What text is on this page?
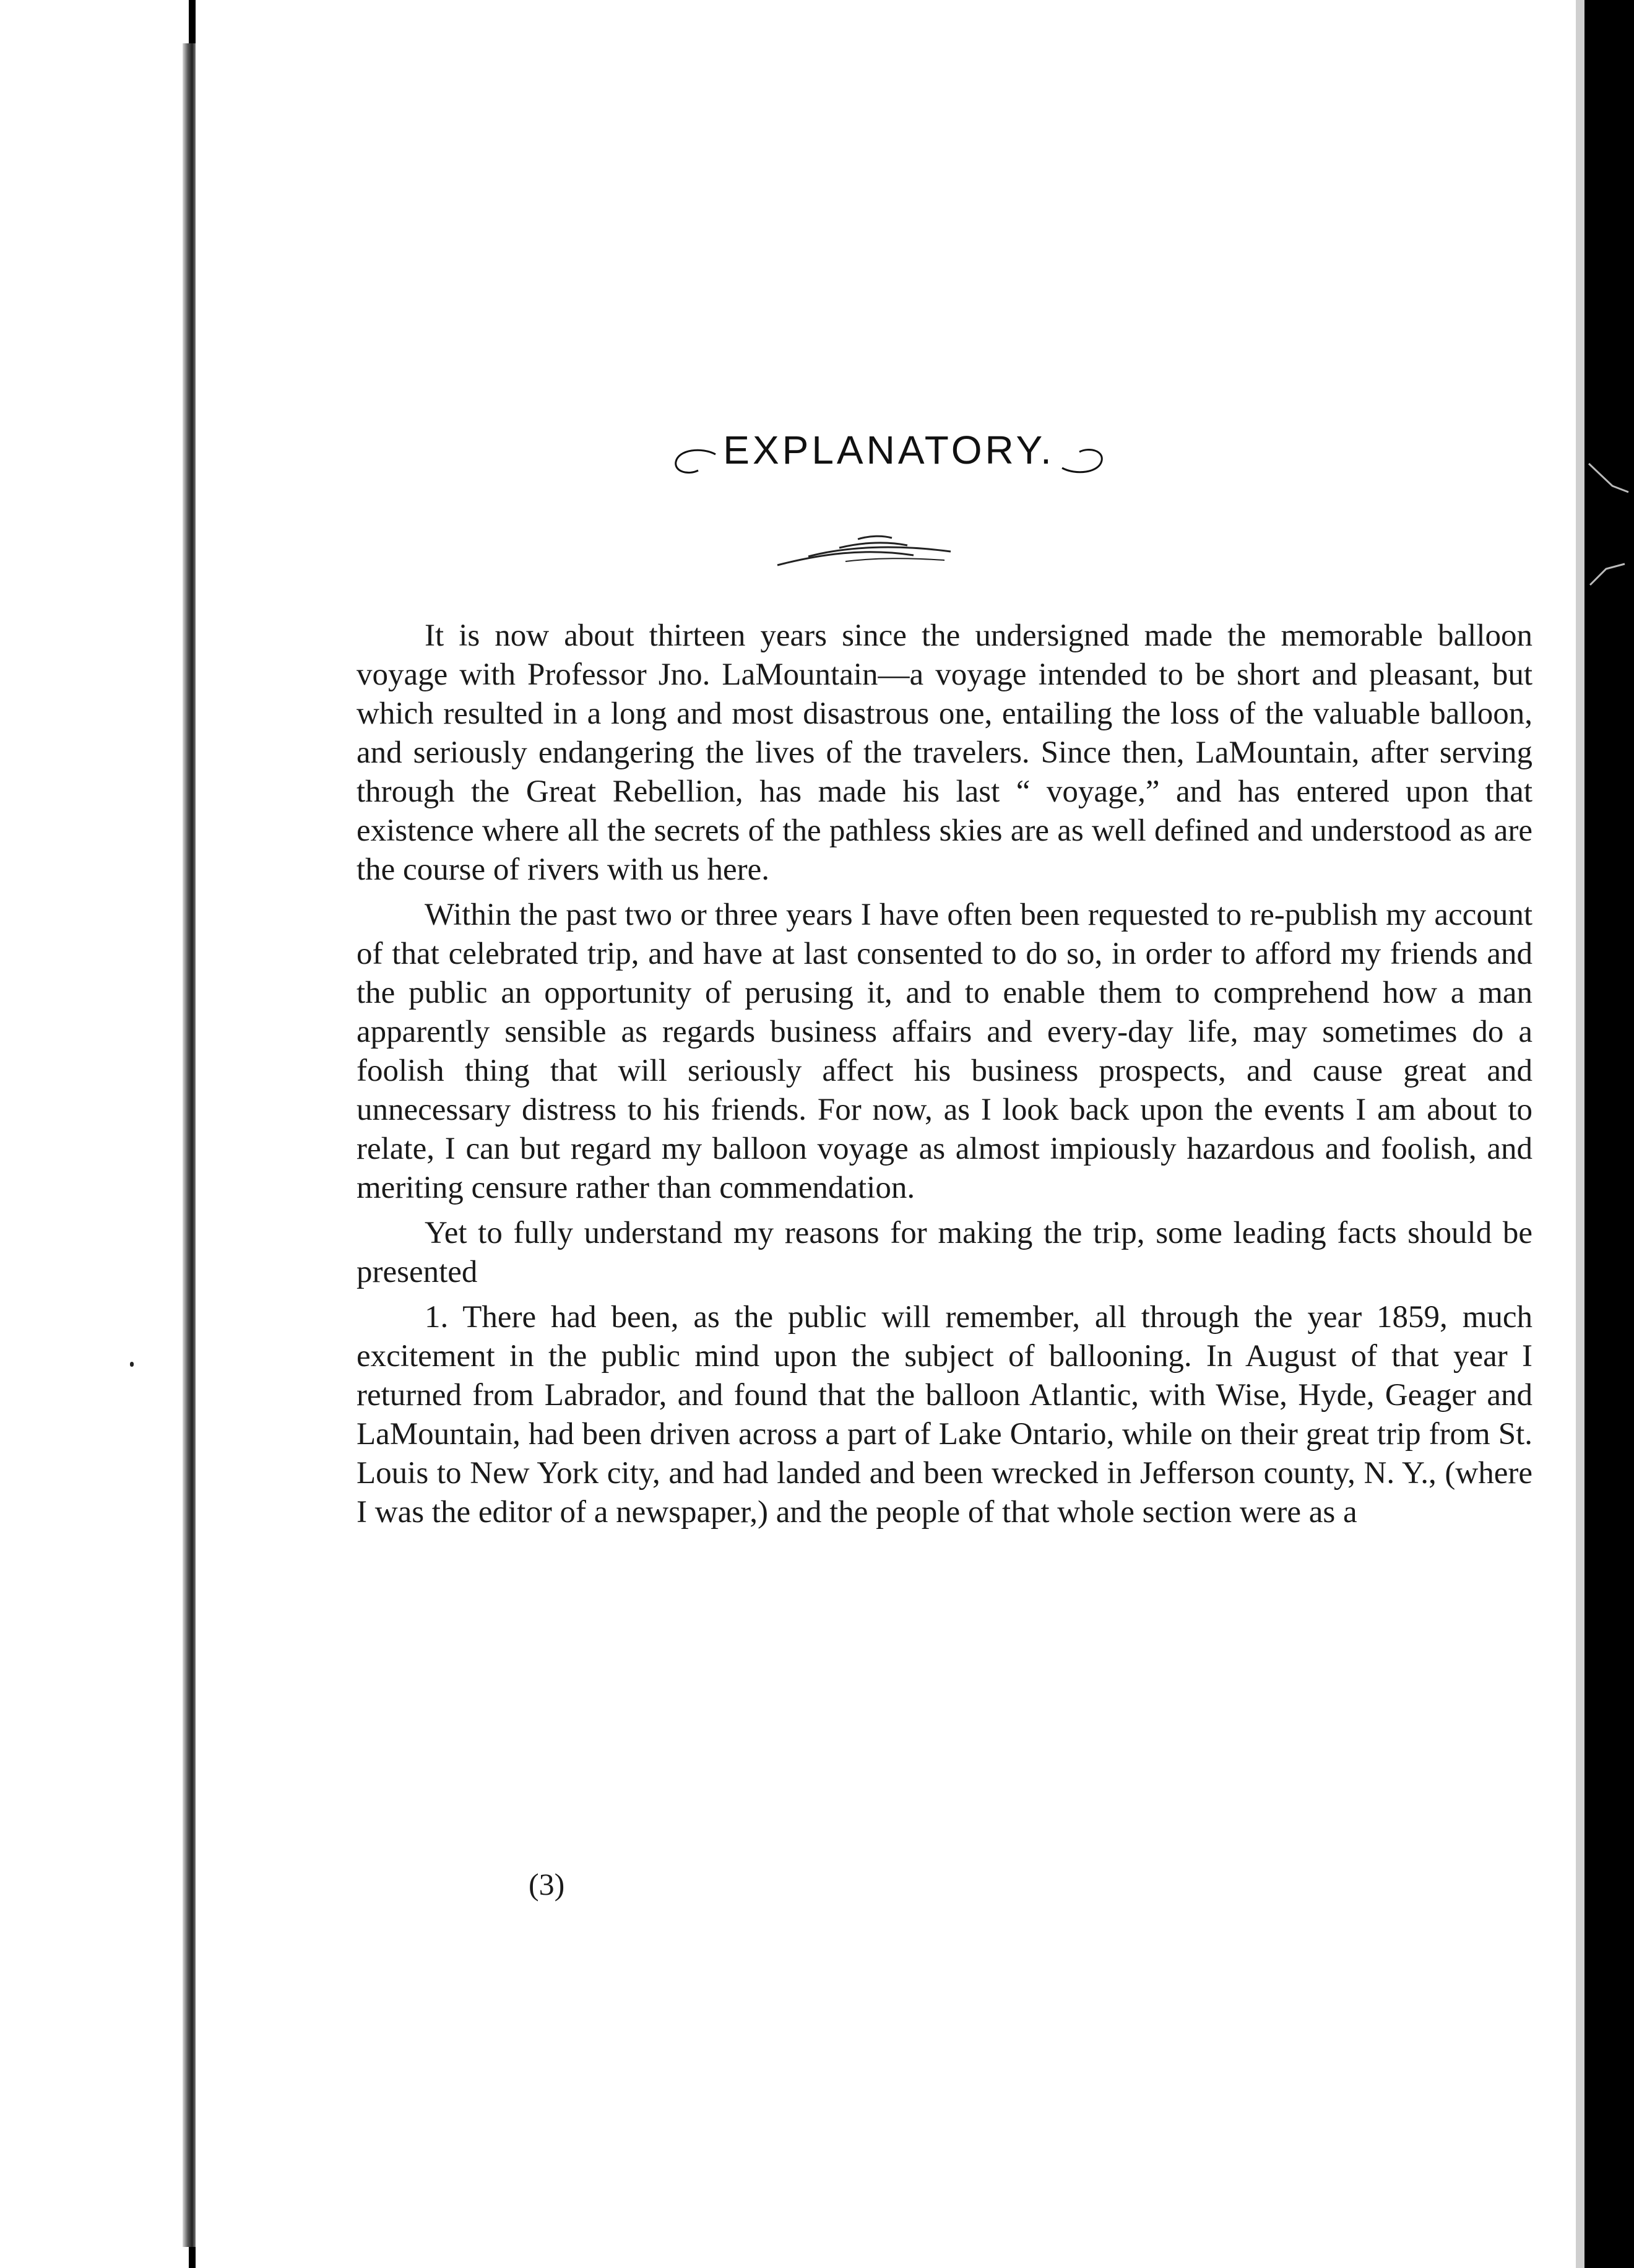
EXPLANATORY.

It is now about thirteen years since the undersigned made the memorable balloon voyage with Professor Jno. LaMountain—a voyage intended to be short and pleasant, but which resulted in a long and most disastrous one, entailing the loss of the valuable balloon, and seriously endangering the lives of the travelers. Since then, LaMountain, after serving through the Great Rebellion, has made his last “ voyage,” and has entered upon that existence where all the secrets of the pathless skies are as well defined and understood as are the course of rivers with us here.

Within the past two or three years I have often been requested to re-publish my account of that celebrated trip, and have at last consented to do so, in order to afford my friends and the public an opportunity of perusing it, and to enable them to comprehend how a man apparently sensible as regards business affairs and every-day life, may sometimes do a foolish thing that will seriously affect his business prospects, and cause great and unnecessary distress to his friends. For now, as I look back upon the events I am about to relate, I can but regard my balloon voyage as almost impiously hazardous and foolish, and meriting censure rather than commendation.

Yet to fully understand my reasons for making the trip, some leading facts should be presented

1. There had been, as the public will remember, all through the year 1859, much excitement in the public mind upon the subject of ballooning. In August of that year I returned from Labrador, and found that the balloon Atlantic, with Wise, Hyde, Geager and LaMountain, had been driven across a part of Lake Ontario, while on their great trip from St. Louis to New York city, and had landed and been wrecked in Jefferson county, N. Y., (where I was the editor of a newspaper,) and the people of that whole section were as a

(3)
